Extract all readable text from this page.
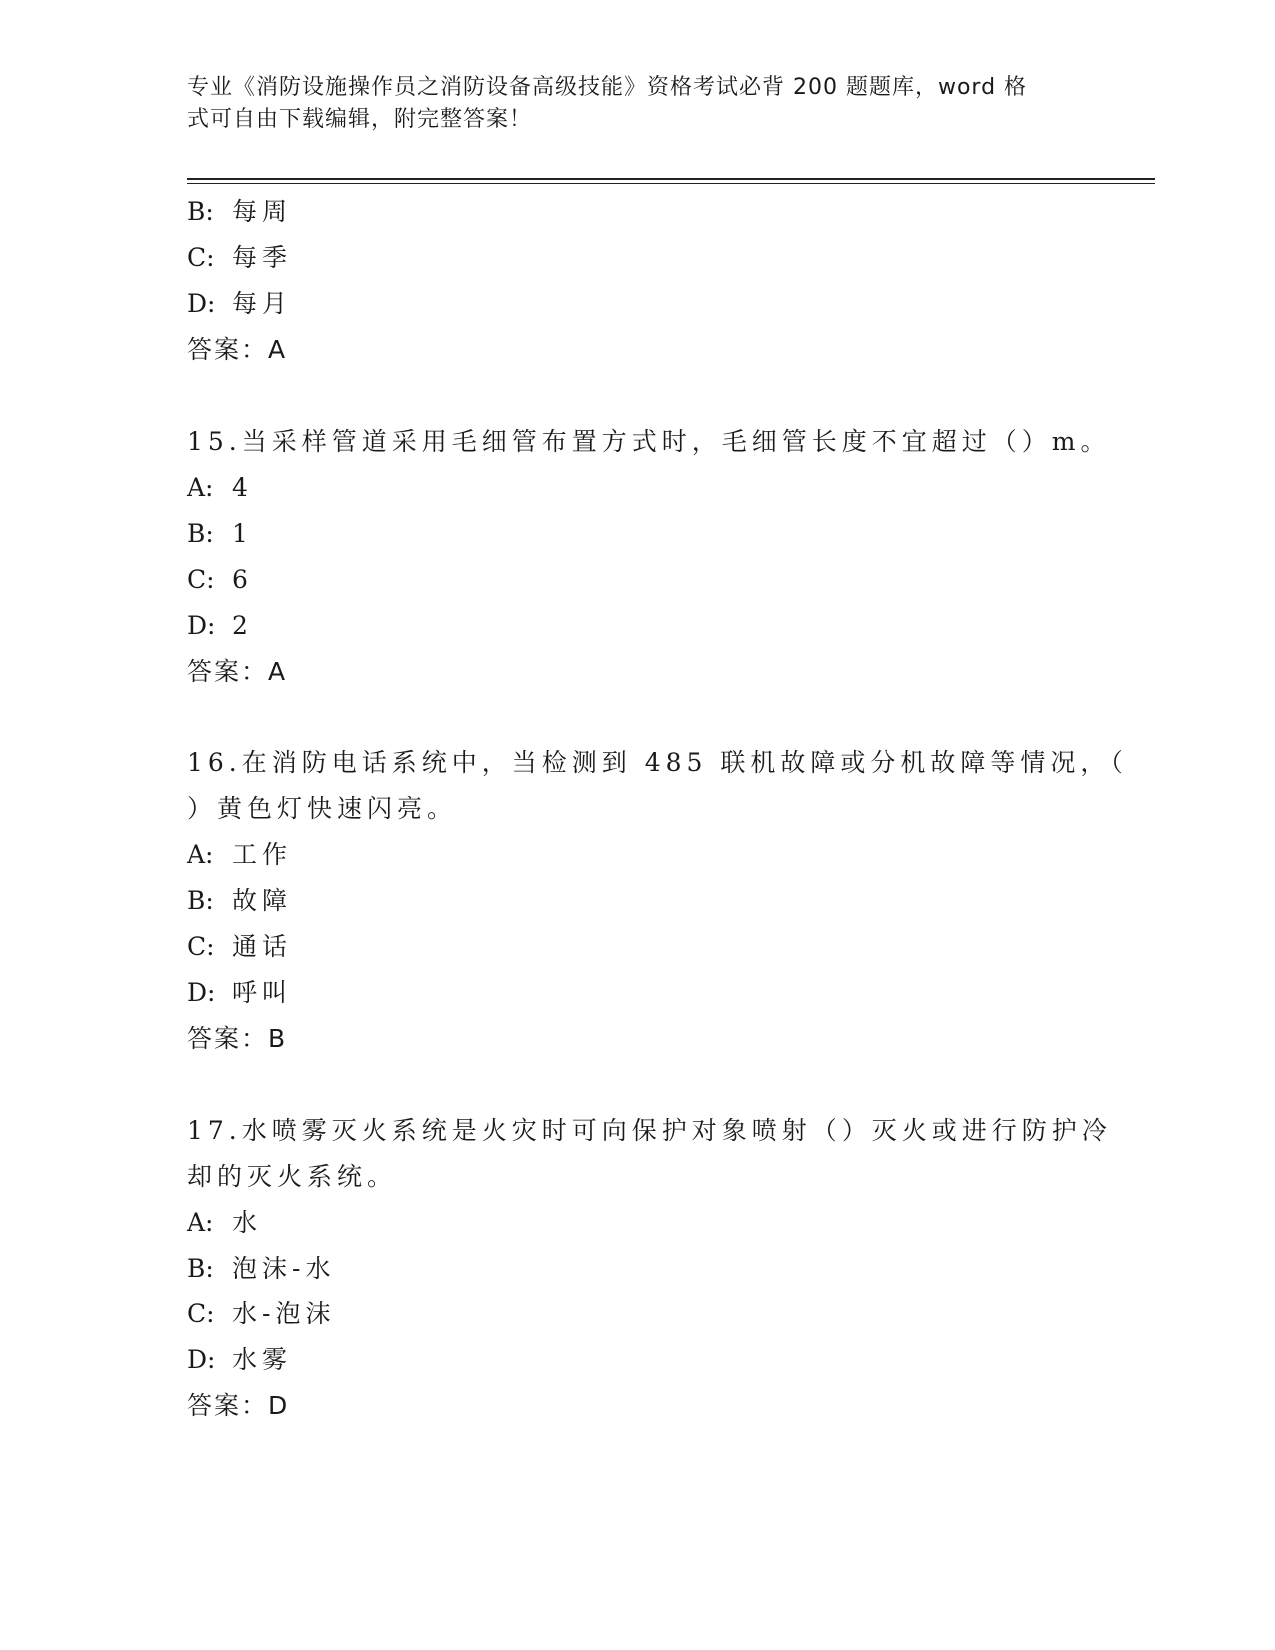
专业《消防设施操作员之消防设备高级技能》资格考试必背 200 题题库，word 格
式可自由下载编辑，附完整答案！

B: 每周

C: 每季

D: 每月

答案：A

15.当采样管道采用毛细管布置方式时，毛细管长度不宜超过（）m。

A: 4

B: 1

C: 6

D: 2

答案：A

16.在消防电话系统中，当检测到 485 联机故障或分机故障等情况，（

）黄色灯快速闪亮。

A: 工作

B: 故障

C: 通话

D: 呼叫

答案：B

17.水喷雾灭火系统是火灾时可向保护对象喷射（）灭火或进行防护冷

却的灭火系统。

A: 水

B: 泡沫-水

C: 水-泡沫

D: 水雾

答案：D
